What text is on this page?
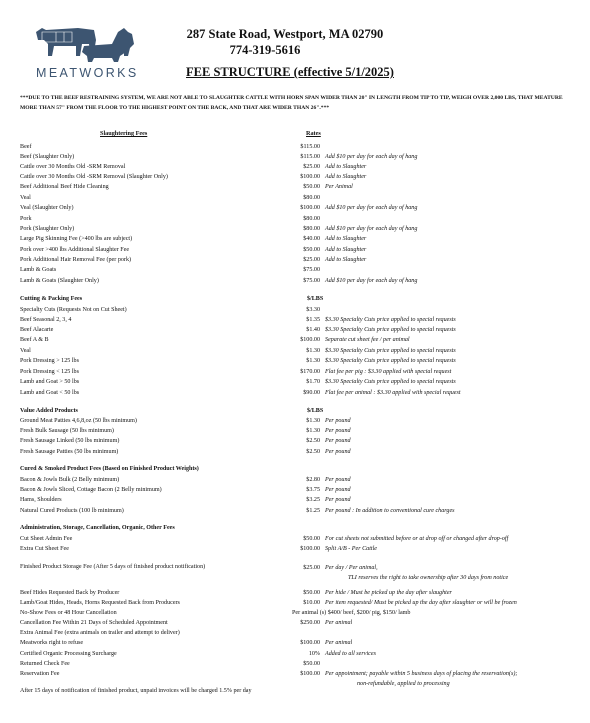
MEATWORKS
287 State Road, Westport, MA 02790
774-319-5616
FEE STRUCTURE (effective 5/1/2025)
***DUE TO THE BEEF RESTRAINING SYSTEM, WE ARE NOT ABLE TO SLAUGHTER CATTLE WITH HORN SPAN WIDER THAN 20" IN LENGTH FROM TIP TO TIP, WEIGH OVER 2,000 LBS, THAT MEATURE MORE THAN 57" FROM THE FLOOR TO THE HIGHEST POINT ON THE BACK, AND THAT ARE WIDER THAN 26".***
Slaughtering Fees	Rates
Beef	$115.00
Beef (Slaughter Only)	$115.00 Add $10 per day for each day of hang
Cattle over 30 Months Old -SRM Removal	$25.00 Add to Slaughter
Cattle over 30 Months Old -SRM Removal (Slaughter Only)	$100.00 Add to Slaughter
Beef Additional Beef Hide Cleaning	$50.00 Per Animal
Veal	$80.00
Veal (Slaughter Only)	$100.00 Add $10 per day for each day of hang
Pork	$80.00
Pork (Slaughter Only)	$80.00 Add $10 per day for each day of hang
Large Pig Skinning Fee (>400 lbs are subject)	$40.00 Add to Slaughter
Pork over >400 lbs Additional Slaughter Fee	$50.00 Add to Slaughter
Pork Additional Hair Removal Fee (per pork)	$25.00 Add to Slaughter
Lamb & Goats	$75.00
Lamb & Goats (Slaughter Only)	$75.00 Add $10 per day for each day of hang
Cutting & Packing Fees	$/LBS
Specialty Cuts (Requests Not on Cut Sheet)	$3.30
Beef Seasonal 2, 3, 4	$1.35 $3.30 Specialty Cuts price applied to special requests
Beef Alacarte	$1.40 $3.30 Specialty Cuts price applied to special requests
Beef A & B	$100.00 Separate cut sheet fee / per animal
Veal	$1.30 $3.30 Specialty Cuts price applied to special requests
Pork Dressing > 125 lbs	$1.30 $3.30 Specialty Cuts price applied to special requests
Pork Dressing < 125 lbs	$170.00 Flat fee per pig : $3.30 applied with special request
Lamb and Goat > 50 lbs	$1.70 $3.30 Specialty Cuts price applied to special requests
Lamb and Goat < 50 lbs	$90.00 Flat fee per animal : $3.30 applied with special request
Value Added Products	$/LBS
Ground Meat Patties 4,6,8,oz (50 lbs minimum)	$1.30 Per pound
Fresh Bulk Sausage (50 lbs minimum)	$1.30 Per pound
Fresh Sausage Linked (50 lbs minimum)	$2.50 Per pound
Fresh Sausage Patties (50 lbs minimum)	$2.50 Per pound
Cured & Smoked Product Fees (Based on Finished Product Weights)
Bacon & Jowls Bulk (2 Belly minimum)	$2.80 Per pound
Bacon & Jowls Sliced, Cottage Bacon (2 Belly minimum)	$3.75 Per pound
Hams, Shoulders	$3.25 Per pound
Natural Cured Products (100 lb minimum)	$1.25 Per pound : In addition to conventional cure charges
Administration, Storage, Cancellation, Organic, Other Fees
Cut Sheet Admin Fee	$50.00 For cut sheets not submitted before or at drop off or changed after drop-off
Extra Cut Sheet Fee	$100.00 Split A/B - Per Cattle
Finished Product Storage Fee (After 5 days of finished product notification)	$25.00 Per day / Per animal,
TLI reserves the right to take ownership after 30 days from notice
Beef Hides Requested Back by Producer	$50.00 Per hide / Must be picked up the day after slaughter
Lamb/Goat Hides, Heads, Horns Requested Back from Producers	$10.00 Per item requested/ Must be picked up the day after slaughter or will be frozen
No-Show Fees or 48 Hour Cancellation	Per animal (s) $400/ beef, $200/ pig, $150/ lamb
Cancellation Fee Within 21 Days of Scheduled Appointment	$250.00 Per animal
Extra Animal Fee (extra animals on trailer and attempt to deliver)
Meatworks right to refuse	$100.00 Per animal
Certified Organic Processing Surcharge	10% Added to all services
Returned Check Fee	$50.00
Reservation Fee	$100.00 Per appointment; payable within 5 business days of placing the reservation(s);
non-refundable, applied to processing
After 15 days of notification of finished product, unpaid invoices will be charged 1.5% per day
